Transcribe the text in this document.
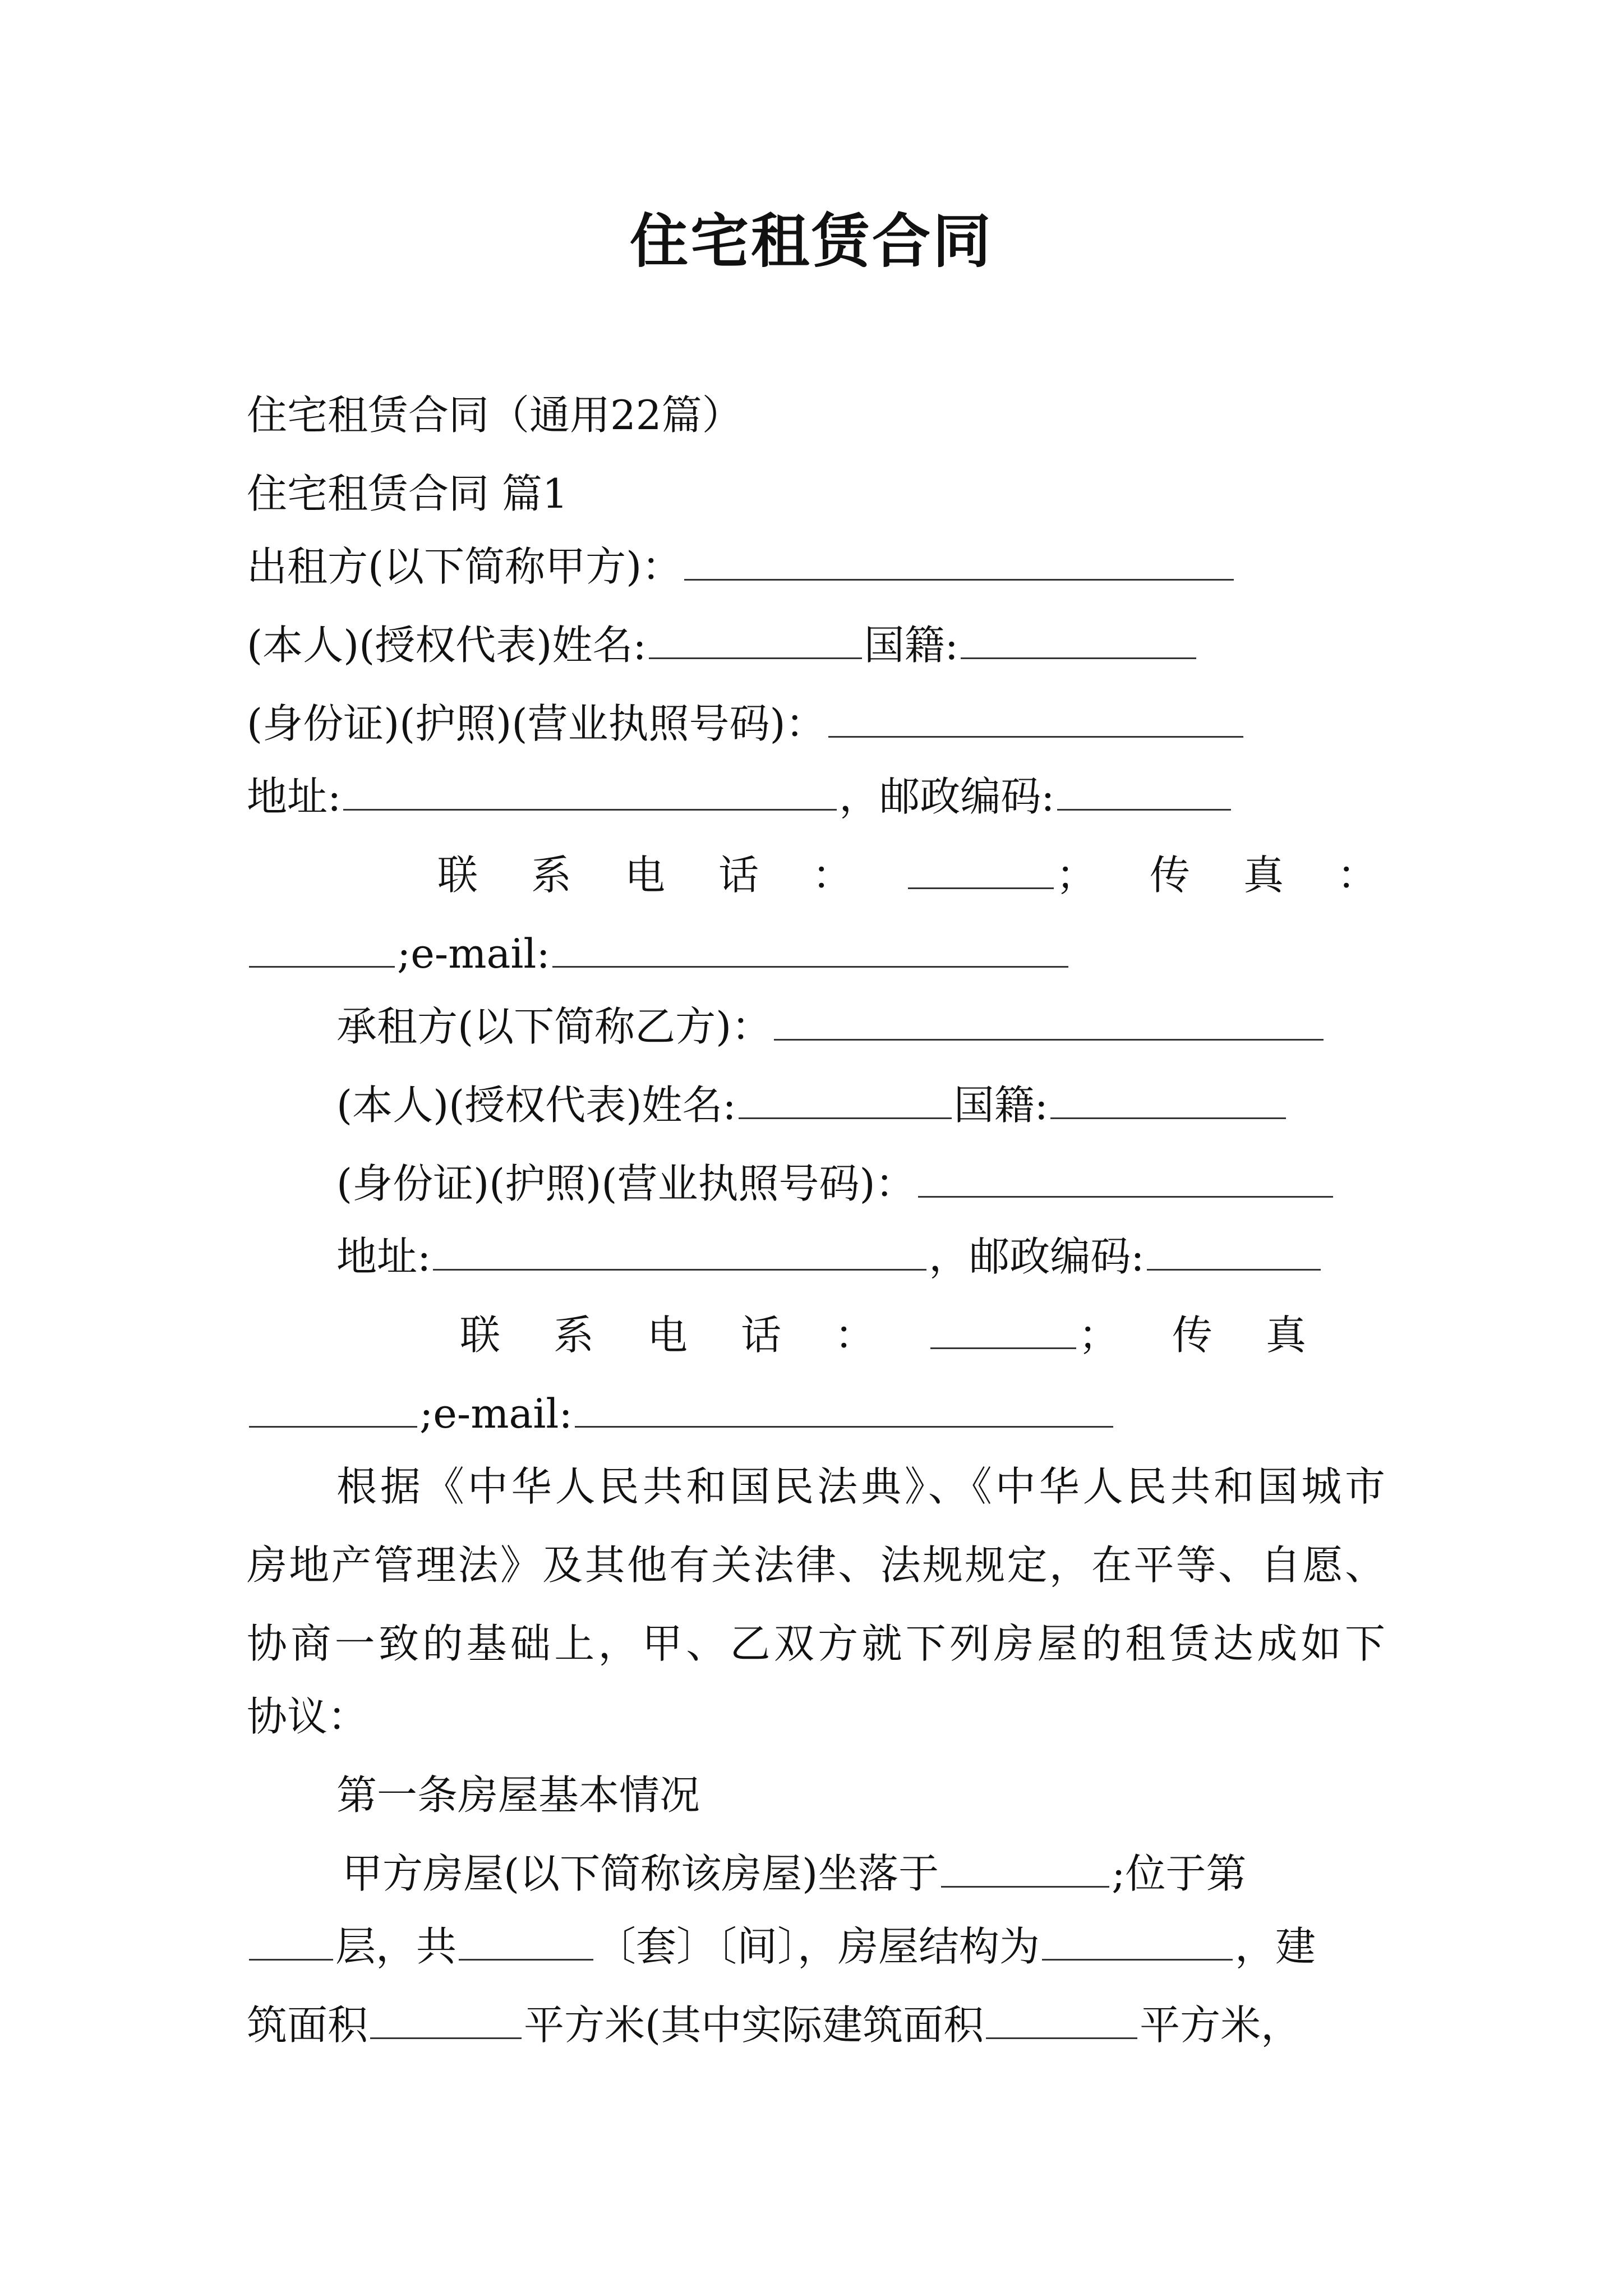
住宅租赁合同
住宅租赁合同（通用22篇）
住宅租赁合同 篇1
出租方(以下简称甲方)：
(本人)(授权代表)姓名:	国籍:
(身份证)(护照)(营业执照号码)：
地址:	，邮政编码:
联系电话：	；传真：
;e-mail:
承租方(以下简称乙方)：
(本人)(授权代表)姓名:	国籍:
(身份证)(护照)(营业执照号码)：
地址:	，邮政编码:
联系电话：	；传真
;e-mail:
根据《中华人民共和国民法典》、《中华人民共和国城市
房地产管理法》及其他有关法律、法规规定，在平等、自愿、
协商一致的基础上，甲、乙双方就下列房屋的租赁达成如下
协议：
第一条房屋基本情况
甲方房屋(以下简称该房屋)坐落于	;位于第
层，共	〔套〕〔间〕，房屋结构为	，建
筑面积	平方米(其中实际建筑面积	平方米，
